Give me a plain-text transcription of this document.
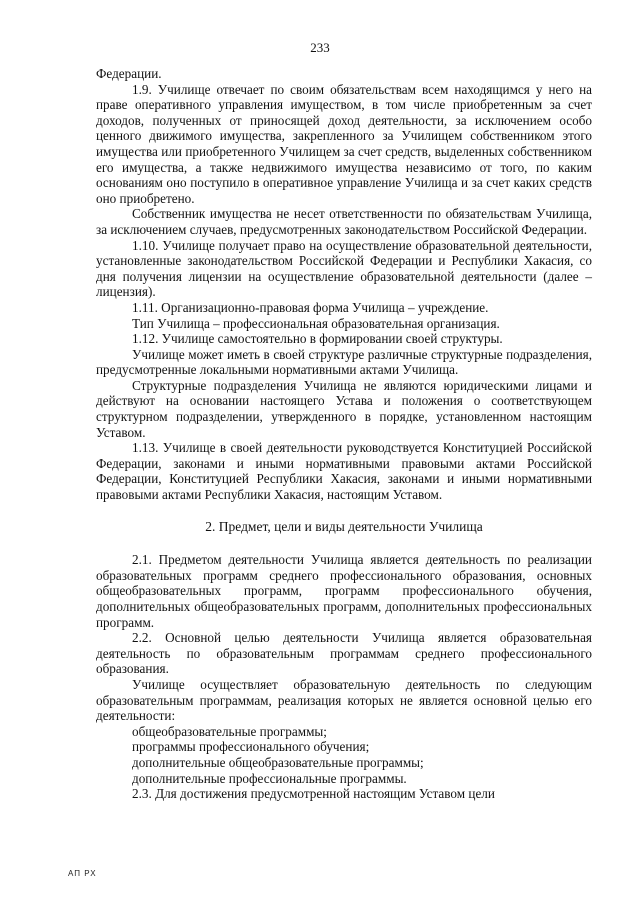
233

Федерации.

1.9. Училище отвечает по своим обязательствам всем находящимся у него на праве оперативного управления имуществом, в том числе приобретенным за счет доходов, полученных от приносящей доход деятельности, за исключением особо ценного движимого имущества, закрепленного за Училищем собственником этого имущества или приобретенного Училищем за счет средств, выделенных собственником его имущества, а также недвижимого имущества независимо от того, по каким основаниям оно поступило в оперативное управление Училища и за счет каких средств оно приобретено.

Собственник имущества не несет ответственности по обязательствам Училища, за исключением случаев, предусмотренных законодательством Российской Федерации.

1.10. Училище получает право на осуществление образовательной деятельности, установленные законодательством Российской Федерации и Республики Хакасия, со дня получения лицензии на осуществление образовательной деятельности (далее – лицензия).

1.11. Организационно-правовая форма Училища – учреждение.

Тип Училища – профессиональная образовательная организация.

1.12. Училище самостоятельно в формировании своей структуры.

Училище может иметь в своей структуре различные структурные подразделения, предусмотренные локальными нормативными актами Училища.

Структурные подразделения Училища не являются юридическими лицами и действуют на основании настоящего Устава и положения о соответствующем структурном подразделении, утвержденного в порядке, установленном настоящим Уставом.

1.13. Училище в своей деятельности руководствуется Конституцией Российской Федерации, законами и иными нормативными правовыми актами Российской Федерации, Конституцией Республики Хакасия, законами и иными нормативными правовыми актами Республики Хакасия, настоящим Уставом.

2. Предмет, цели и виды деятельности Училища

2.1. Предметом деятельности Училища является деятельность по реализации образовательных программ среднего профессионального образования, основных общеобразовательных программ, программ профессионального обучения, дополнительных общеобразовательных программ, дополнительных профессиональных программ.

2.2. Основной целью деятельности Училища является образовательная деятельность по образовательным программам среднего профессионального образования.

Училище осуществляет образовательную деятельность по следующим образовательным программам, реализация которых не является основной целью его деятельности:

общеобразовательные программы;

программы профессионального обучения;

дополнительные общеобразовательные программы;

дополнительные профессиональные программы.

2.3. Для достижения предусмотренной настоящим Уставом цели

АП РХ
